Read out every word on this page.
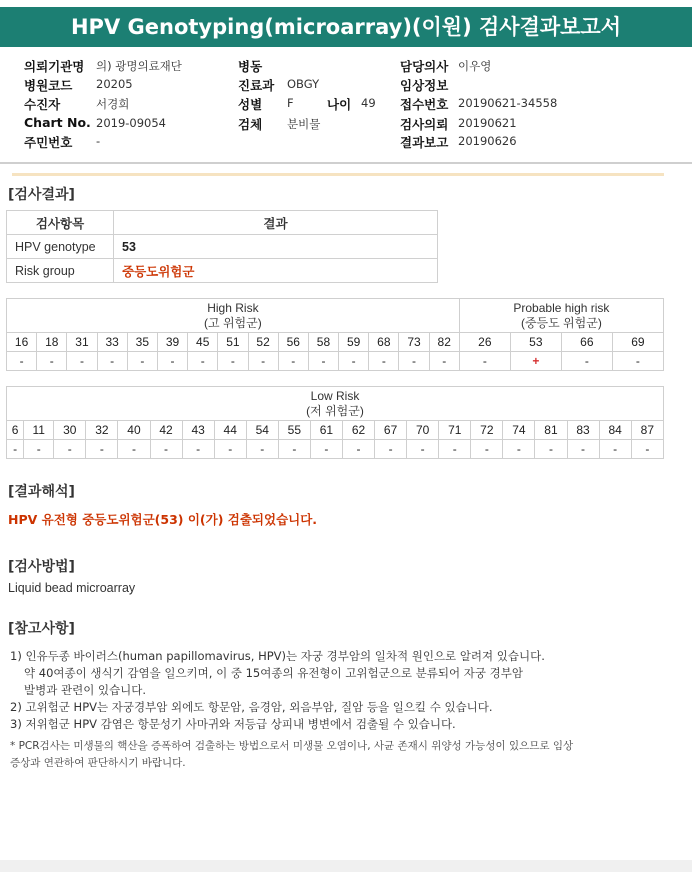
HPV Genotyping(microarray)(이원) 검사결과보고서
의뢰기관명 의) 광명의료재단
병원코드 20205
수진자	서경희
Chart No. 2019-09054
주민번호 -
병동
진료과 OBGY
성별 F	나이 49
검체 분비물
담당의사 이우영
임상정보
접수번호 20190621-34558
검사의뢰 20190621
결과보고 20190626
[검사결과]
검사항목	결과
HPV genotype	53
Risk group	중등도위험군
High Risk
(고 위험군)															Probable high risk
(중등도 위험군)			
16	18	31	33	35	39	45	51	52	56	58	59	68	73	82	26	53	66	69
-	-	-	-	-	-	-	-	-	-	-	-	-	-	-	-	+	-	-
Low Risk
(저 위험군)																				
6	11	30	32	40	42	43	44	54	55	61	62	67	70	71	72	74	81	83	84	87
-	-	-	-	-	-	-	-	-	-	-	-	-	-	-	-	-	-	-	-	-
[결과해석]
HPV 유전형 중등도위험군(53) 이(가) 검출되었습니다.
[검사방법]
Liquid bead microarray
[참고사항]
1) 인유두종 바이러스(human papillomavirus, HPV)는 자궁 경부암의 일차적 원인으로 알려져 있습니다.
약 40여종이 생식기 감염을 일으키며, 이 중 15여종의 유전형이 고위험군으로 분류되어 자궁 경부암
발병과 관련이 있습니다.
2) 고위험군 HPV는 자궁경부암 외에도 항문암, 음경암, 외음부암, 질암 등을 일으킬 수 있습니다.
3) 저위험군 HPV 감염은 항문성기 사마귀와 저등급 상피내 병변에서 검출될 수 있습니다.
* PCR검사는 미생물의 핵산을 증폭하여 검출하는 방법으로서 미생물 오염이나, 사균 존재시 위양성 가능성이 있으므로 임상
증상과 연관하여 판단하시기 바랍니다.
